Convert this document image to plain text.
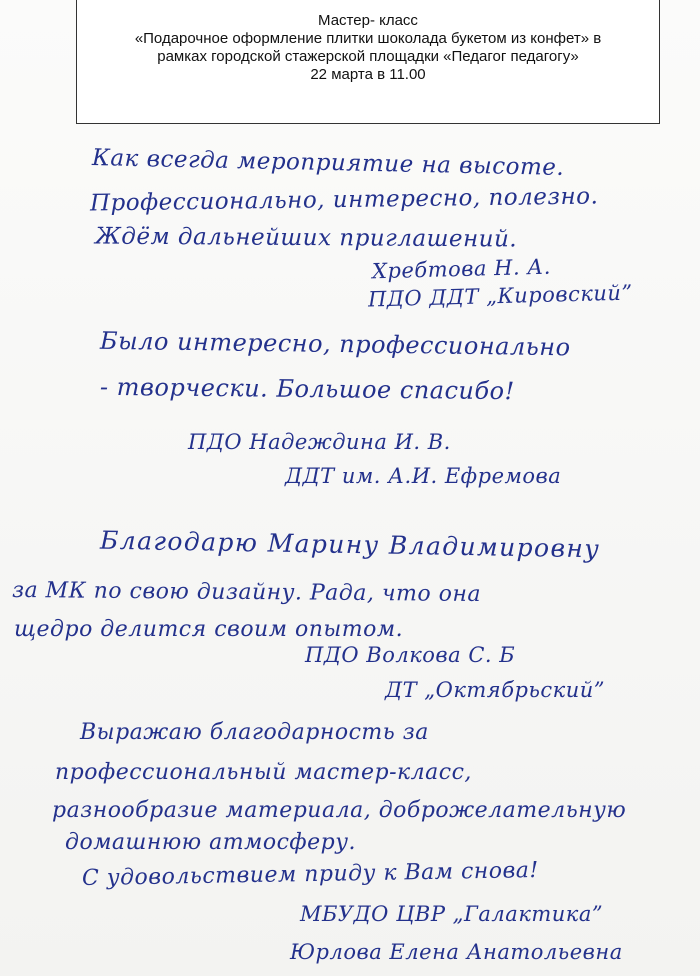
Мастер- класс
«Подарочное оформление плитки шоколада букетом из конфет» в
рамках городской стажерской площадки «Педагог педагогу»
22 марта в 11.00
Как всегда мероприятие на высоте.
Профессионально, интересно, полезно.
Ждём дальнейших приглашений.
Хребтова Н. А.
ПДО ДДТ „Кировский”
Было интересно, профессионально
- творчески. Большое спасибо!
ПДО Надеждина И. В.
ДДТ им. А.И. Ефремова
Благодарю Марину Владимировну
за МК по свою дизайну. Рада, что она
щедро делится своим опытом.
ПДО Волкова С. Б
ДТ „Октябрьский”
Выражаю благодарность за
профессиональный мастер-класс,
разнообразие материала, доброжелательную
домашнюю атмосферу.
С удовольствием приду к Вам снова!
МБУДО ЦВР „Галактика”
Юрлова Елена Анатольевна
